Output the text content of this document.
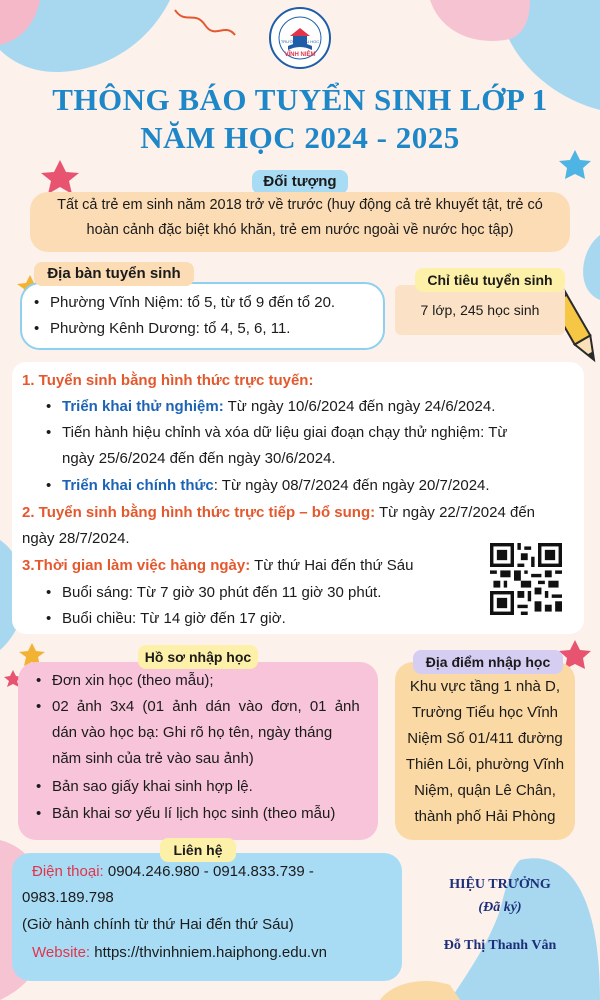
TRƯỜNG TIỂU HỌC
VĨNH NIỆM
THÔNG BÁO TUYỂN SINH LỚP 1
NĂM HỌC 2024 - 2025
Đối tượng
Tất cả trẻ em sinh năm 2018 trở về trước (huy động cả trẻ khuyết tật, trẻ có
hoàn cảnh đặc biệt khó khăn, trẻ em nước ngoài về nước học tập)
Địa bàn tuyển sinh
• Phường Vĩnh Niệm: tổ 5, từ tổ 9 đến tổ 20.
• Phường Kênh Dương: tổ 4, 5, 6, 11.
Chỉ tiêu tuyển sinh
7 lớp, 245 học sinh
1. Tuyển sinh bằng hình thức trực tuyến:
• Triển khai thử nghiệm: Từ ngày 10/6/2024 đến ngày 24/6/2024.
• Tiến hành hiệu chỉnh và xóa dữ liệu giai đoạn chạy thử nghiệm: Từ
ngày 25/6/2024 đến đến ngày 30/6/2024.
• Triển khai chính thức: Từ ngày 08/7/2024 đến ngày 20/7/2024.
2. Tuyển sinh bằng hình thức trực tiếp – bổ sung: Từ ngày 22/7/2024 đến
ngày 28/7/2024.
3.Thời gian làm việc hàng ngày: Từ thứ Hai đến thứ Sáu
• Buổi sáng: Từ 7 giờ 30 phút đến 11 giờ 30 phút.
• Buổi chiều: Từ 14 giờ đến 17 giờ.
Hồ sơ nhập học
• Đơn xin học (theo mẫu);
• 02 ảnh 3x4 (01 ảnh dán vào đơn, 01 ảnh
dán vào học bạ: Ghi rõ họ tên, ngày tháng
năm sinh của trẻ vào sau ảnh)
• Bản sao giấy khai sinh hợp lệ.
• Bản khai sơ yếu lí lịch học sinh (theo mẫu)
Địa điểm nhập học
Khu vực tầng 1 nhà D,
Trường Tiểu học Vĩnh
Niệm Số 01/411 đường
Thiên Lôi, phường Vĩnh
Niệm, quận Lê Chân,
thành phố Hải Phòng
Liên hệ
Điện thoại: 0904.246.980 - 0914.833.739 -
0983.189.798
(Giờ hành chính từ thứ Hai đến thứ Sáu)
Website: https://thvinhniem.haiphong.edu.vn
HIỆU TRƯỞNG
(Đã ký)
Đỗ Thị Thanh Vân
